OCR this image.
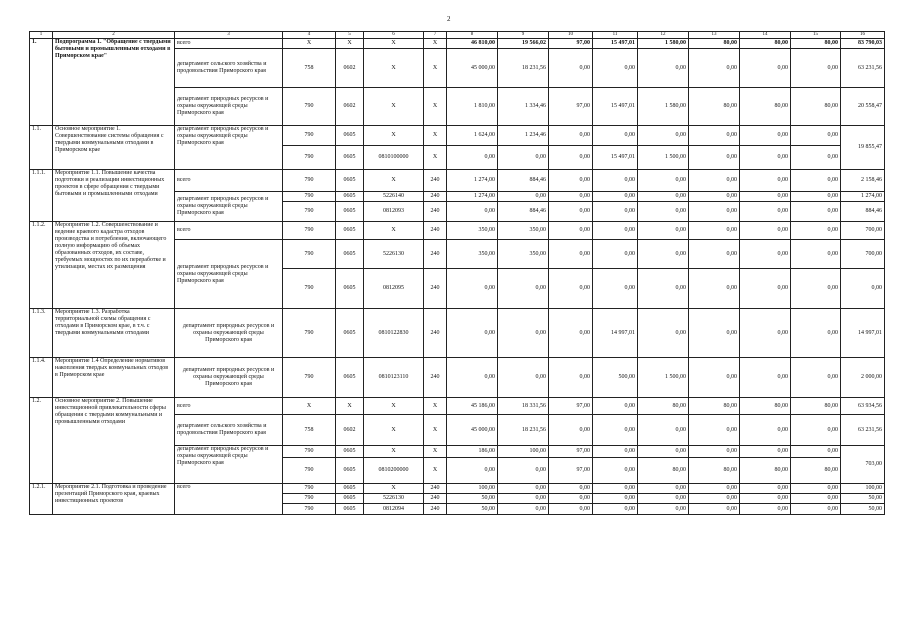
2
1	2	3	4	5	6	7	8	9	10	11	12	13	14	15	16
1.	Подпрограмма 1. "Обращение с твердыми бытовыми и промышленными отходами в Приморском крае"	всего	X	X	X	X	46 810,00	19 566,02	97,00	15 497,01	1 580,00	80,00	80,00	80,00	83 790,03
		департамент сельского хозяйства и продовольствия Приморского края	758	0602	X	X	45 000,00	18 231,56	0,00	0,00	0,00	0,00	0,00	0,00	63 231,56
		департамент природных ресурсов и охраны окружающей среды Приморского края	790	0602	X	X	1 810,00	1 334,46	97,00	15 497,01	1 580,00	80,00	80,00	80,00	20 558,47
1.1.	Основное мероприятие 1. Совершенствование системы обращения с твердыми коммунальными отходами в Приморском крае	департамент природных ресурсов и охраны окружающей среды Приморского края	790	0605	X	X	1 624,00	1 234,46	0,00	0,00	0,00	0,00	0,00	0,00	19 855,47
			790	0605	0810100000	X	0,00	0,00	0,00	15 497,01	1 500,00	0,00	0,00	0,00	
1.1.1.	Мероприятие 1.1. Повышение качества подготовки и реализации инвестиционных проектов в сфере обращения с твердыми бытовыми и промышленными отходами	всего	790	0605	X	240	1 274,00	884,46	0,00	0,00	0,00	0,00	0,00	0,00	2 158,46
		департамент природных ресурсов и охраны окружающей среды Приморского края	790	0605	5226140	240	1 274,00	0,00	0,00	0,00	0,00	0,00	0,00	0,00	1 274,00
			790	0605	0812093	240	0,00	884,46	0,00	0,00	0,00	0,00	0,00	0,00	884,46
1.1.2.	Мероприятие 1.2. Совершенствование и ведение краевого кадастра отходов производства и потребления, включающего полную информацию об объемах образованных отходов, их составе, требуемых мощностях по их переработке и утилизации, местах их размещения	всего	790	0605	X	240	350,00	350,00	0,00	0,00	0,00	0,00	0,00	0,00	700,00
		департамент природных ресурсов и охраны окружающей среды Приморского края	790	0605	5226130	240	350,00	350,00	0,00	0,00	0,00	0,00	0,00	0,00	700,00
			790	0605	0812095	240	0,00	0,00	0,00	0,00	0,00	0,00	0,00	0,00	0,00
1.1.3.	Мероприятие 1.3. Разработка территориальной схемы обращения с отходами в Приморском крае, в т.ч. с твердыми коммунальными отходами	департамент природных ресурсов и охраны окружающей среды Приморского края	790	0605	0810122830	240	0,00	0,00	0,00	14 997,01	0,00	0,00	0,00	0,00	14 997,01
1.1.4.	Мероприятие 1.4 Определение нормативов накопления твердых коммунальных отходов в Приморском крае	департамент природных ресурсов и охраны окружающей среды Приморского края	790	0605	0810123110	240	0,00	0,00	0,00	500,00	1 500,00	0,00	0,00	0,00	2 000,00
1.2.	Основное мероприятие 2. Повышение инвестиционной привлекательности сферы обращения с твердыми коммунальными и промышленными отходами	всего	X	X	X	X	45 186,00	18 331,56	97,00	0,00	80,00	80,00	80,00	80,00	63 934,56
		департамент сельского хозяйства и продовольствия Приморского края	758	0602	X	X	45 000,00	18 231,56	0,00	0,00	0,00	0,00	0,00	0,00	63 231,56
		департамент природных ресурсов и охраны окружающей среды Приморского края	790	0605	X	X	186,00	100,00	97,00	0,00	0,00	0,00	0,00	0,00	703,00
			790	0605	0810200000	X	0,00	0,00	97,00	0,00	80,00	80,00	80,00	80,00	
1.2.1.	Мероприятие 2.1. Подготовка и проведение презентаций Приморского края, краевых инвестиционных проектов	всего	790	0605	X	240	100,00	0,00	0,00	0,00	0,00	0,00	0,00	0,00	100,00
			790	0605	5226130	240	50,00	0,00	0,00	0,00	0,00	0,00	0,00	0,00	50,00
			790	0605	0812094	240	50,00	0,00	0,00	0,00	0,00	0,00	0,00	0,00	50,00
